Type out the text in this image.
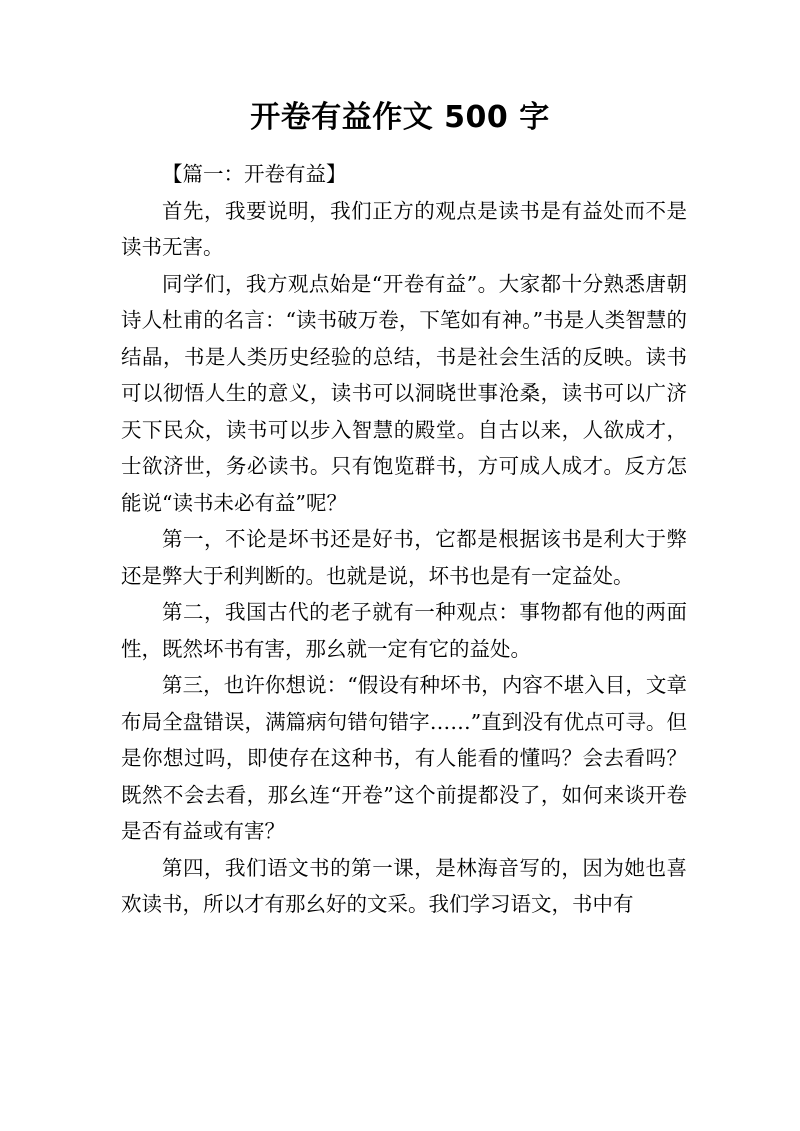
开卷有益作文 500 字

【篇一：开卷有益】

首先，我要说明，我们正方的观点是读书是有益处而不是读书无害。

同学们，我方观点始是“开卷有益”。大家都十分熟悉唐朝诗人杜甫的名言：“读书破万卷，下笔如有神。”书是人类智慧的结晶，书是人类历史经验的总结，书是社会生活的反映。读书可以彻悟人生的意义，读书可以洞晓世事沧桑，读书可以广济天下民众，读书可以步入智慧的殿堂。自古以来，人欲成才，士欲济世，务必读书。只有饱览群书，方可成人成才。反方怎能说“读书未必有益”呢？

第一，不论是坏书还是好书，它都是根据该书是利大于弊还是弊大于利判断的。也就是说，坏书也是有一定益处。

第二，我国古代的老子就有一种观点：事物都有他的两面性，既然坏书有害，那幺就一定有它的益处。

第三，也许你想说：“假设有种坏书，内容不堪入目，文章布局全盘错误，满篇病句错句错字……”直到没有优点可寻。但是你想过吗，即使存在这种书，有人能看的懂吗？会去看吗？既然不会去看，那幺连“开卷”这个前提都没了，如何来谈开卷是否有益或有害？

第四，我们语文书的第一课，是林海音写的，因为她也喜欢读书，所以才有那幺好的文采。我们学习语文，书中有
